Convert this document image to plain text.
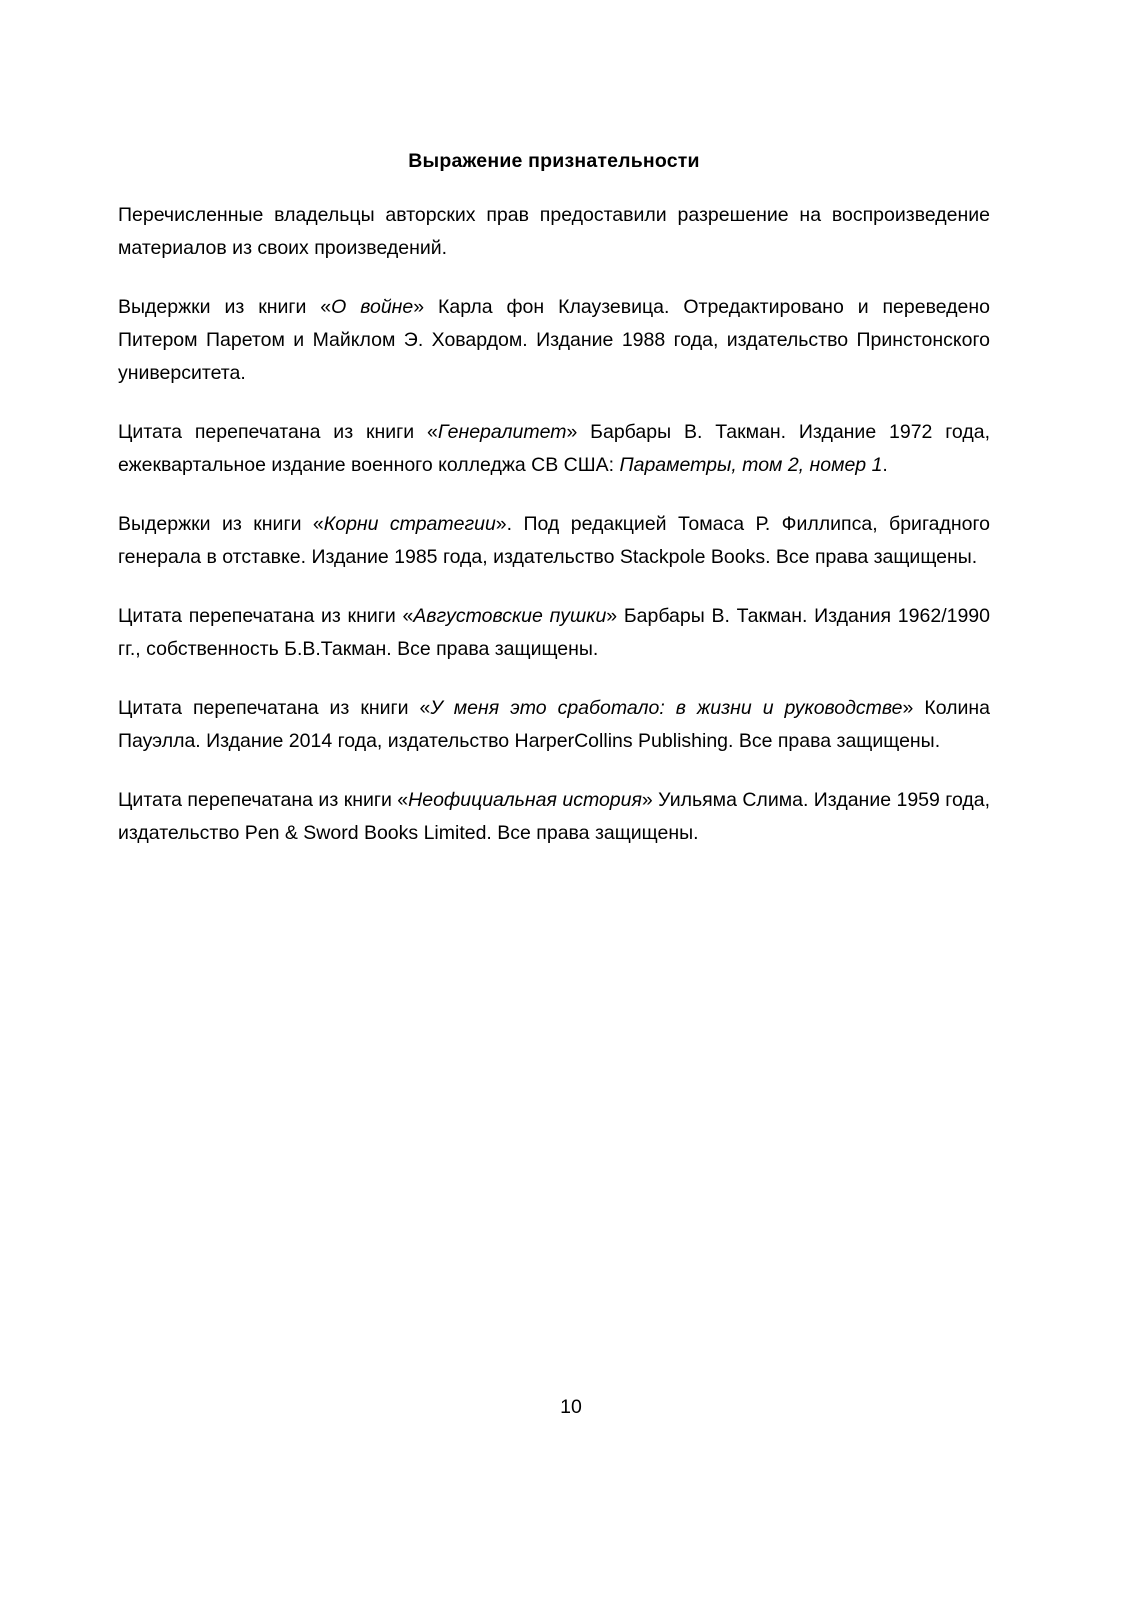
Выражение признательности

Перечисленные владельцы авторских прав предоставили разрешение на воспроизведение материалов из своих произведений.

Выдержки из книги «О войне» Карла фон Клаузевица. Отредактировано и переведено Питером Паретом и Майклом Э. Ховардом. Издание 1988 года, издательство Принстонского университета.

Цитата перепечатана из книги «Генералитет» Барбары В. Такман. Издание 1972 года, ежеквартальное издание военного колледжа СВ США: Параметры, том 2, номер 1.

Выдержки из книги «Корни стратегии». Под редакцией Томаса Р. Филлипса, бригадного генерала в отставке. Издание 1985 года, издательство Stackpole Books. Все права защищены.

Цитата перепечатана из книги «Августовские пушки» Барбары В. Такман. Издания 1962/1990 гг., собственность Б.В.Такман. Все права защищены.

Цитата перепечатана из книги «У меня это сработало: в жизни и руководстве» Колина Пауэлла. Издание 2014 года, издательство HarperCollins Publishing. Все права защищены.

Цитата перепечатана из книги «Неофициальная история» Уильяма Слима. Издание 1959 года, издательство Pen & Sword Books Limited. Все права защищены.

10
